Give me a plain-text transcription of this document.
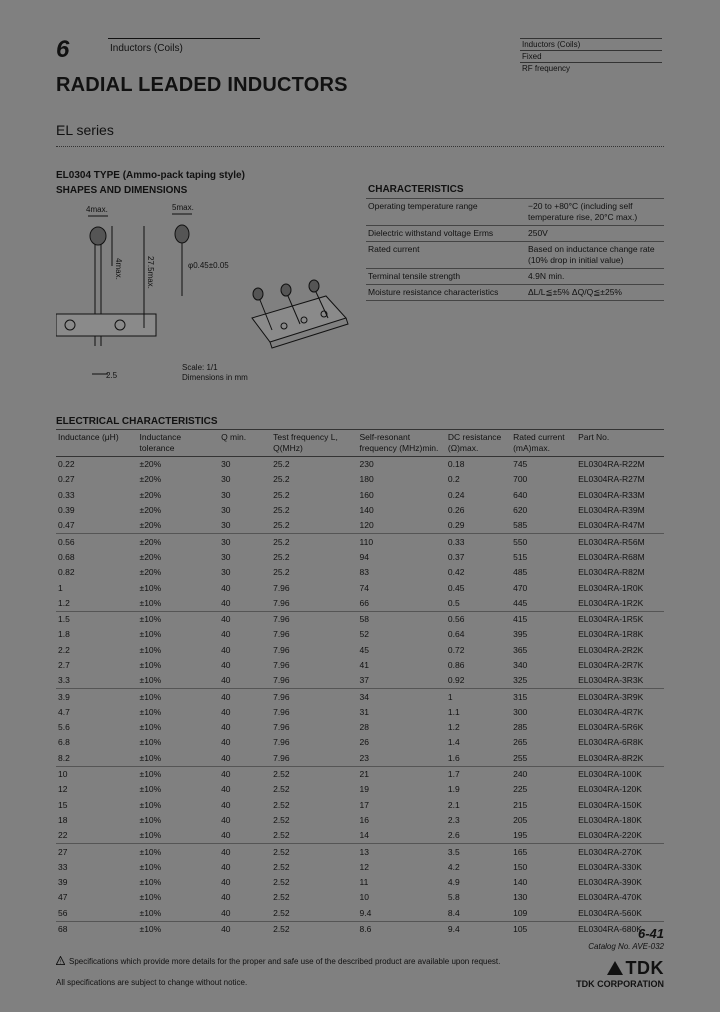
6	Inductors (Coils)	Inductors (Coils)
Fixed
RF frequency
RADIAL LEADED INDUCTORS
EL series
EL0304 TYPE (Ammo-pack taping style)
SHAPES AND DIMENSIONS
4max.
4max.	27.5max.
5max.
φ0.45±0.05
2.5
Scale: 1/1
Dimensions in mm
CHARACTERISTICS
Operating temperature range	−20 to +80°C (including self temperature rise, 20°C max.)
Dielectric withstand voltage Erms	250V
Rated current	Based on inductance change rate (10% drop in initial value)
Terminal tensile strength	4.9N min.
Moisture resistance characteristics	ΔL/L≦±5% ΔQ/Q≦±25%
ELECTRICAL CHARACTERISTICS
Inductance (μH)	Inductance tolerance	Q min.	Test frequency L, Q(MHz)	Self-resonant frequency (MHz)min.	DC resistance (Ω)max.	Rated current (mA)max.	Part No.
0.22	±20%	30	25.2	230	0.18	745	EL0304RA-R22M
0.27	±20%	30	25.2	180	0.2	700	EL0304RA-R27M
0.33	±20%	30	25.2	160	0.24	640	EL0304RA-R33M
0.39	±20%	30	25.2	140	0.26	620	EL0304RA-R39M
0.47	±20%	30	25.2	120	0.29	585	EL0304RA-R47M
0.56	±20%	30	25.2	110	0.33	550	EL0304RA-R56M
0.68	±20%	30	25.2	94	0.37	515	EL0304RA-R68M
0.82	±20%	30	25.2	83	0.42	485	EL0304RA-R82M
1	±10%	40	7.96	74	0.45	470	EL0304RA-1R0K
1.2	±10%	40	7.96	66	0.5	445	EL0304RA-1R2K
1.5	±10%	40	7.96	58	0.56	415	EL0304RA-1R5K
1.8	±10%	40	7.96	52	0.64	395	EL0304RA-1R8K
2.2	±10%	40	7.96	45	0.72	365	EL0304RA-2R2K
2.7	±10%	40	7.96	41	0.86	340	EL0304RA-2R7K
3.3	±10%	40	7.96	37	0.92	325	EL0304RA-3R3K
3.9	±10%	40	7.96	34	1	315	EL0304RA-3R9K
4.7	±10%	40	7.96	31	1.1	300	EL0304RA-4R7K
5.6	±10%	40	7.96	28	1.2	285	EL0304RA-5R6K
6.8	±10%	40	7.96	26	1.4	265	EL0304RA-6R8K
8.2	±10%	40	7.96	23	1.6	255	EL0304RA-8R2K
10	±10%	40	2.52	21	1.7	240	EL0304RA-100K
12	±10%	40	2.52	19	1.9	225	EL0304RA-120K
15	±10%	40	2.52	17	2.1	215	EL0304RA-150K
18	±10%	40	2.52	16	2.3	205	EL0304RA-180K
22	±10%	40	2.52	14	2.6	195	EL0304RA-220K
27	±10%	40	2.52	13	3.5	165	EL0304RA-270K
33	±10%	40	2.52	12	4.2	150	EL0304RA-330K
39	±10%	40	2.52	11	4.9	140	EL0304RA-390K
47	±10%	40	2.52	10	5.8	130	EL0304RA-470K
56	±10%	40	2.52	9.4	8.4	109	EL0304RA-560K
68	±10%	40	2.52	8.6	9.4	105	EL0304RA-680K
6-41
Catalog No. AVE-032
! Specifications which provide more details for the proper and safe use of the described product are available upon request.
All specifications are subject to change without notice.
TDK
TDK CORPORATION
